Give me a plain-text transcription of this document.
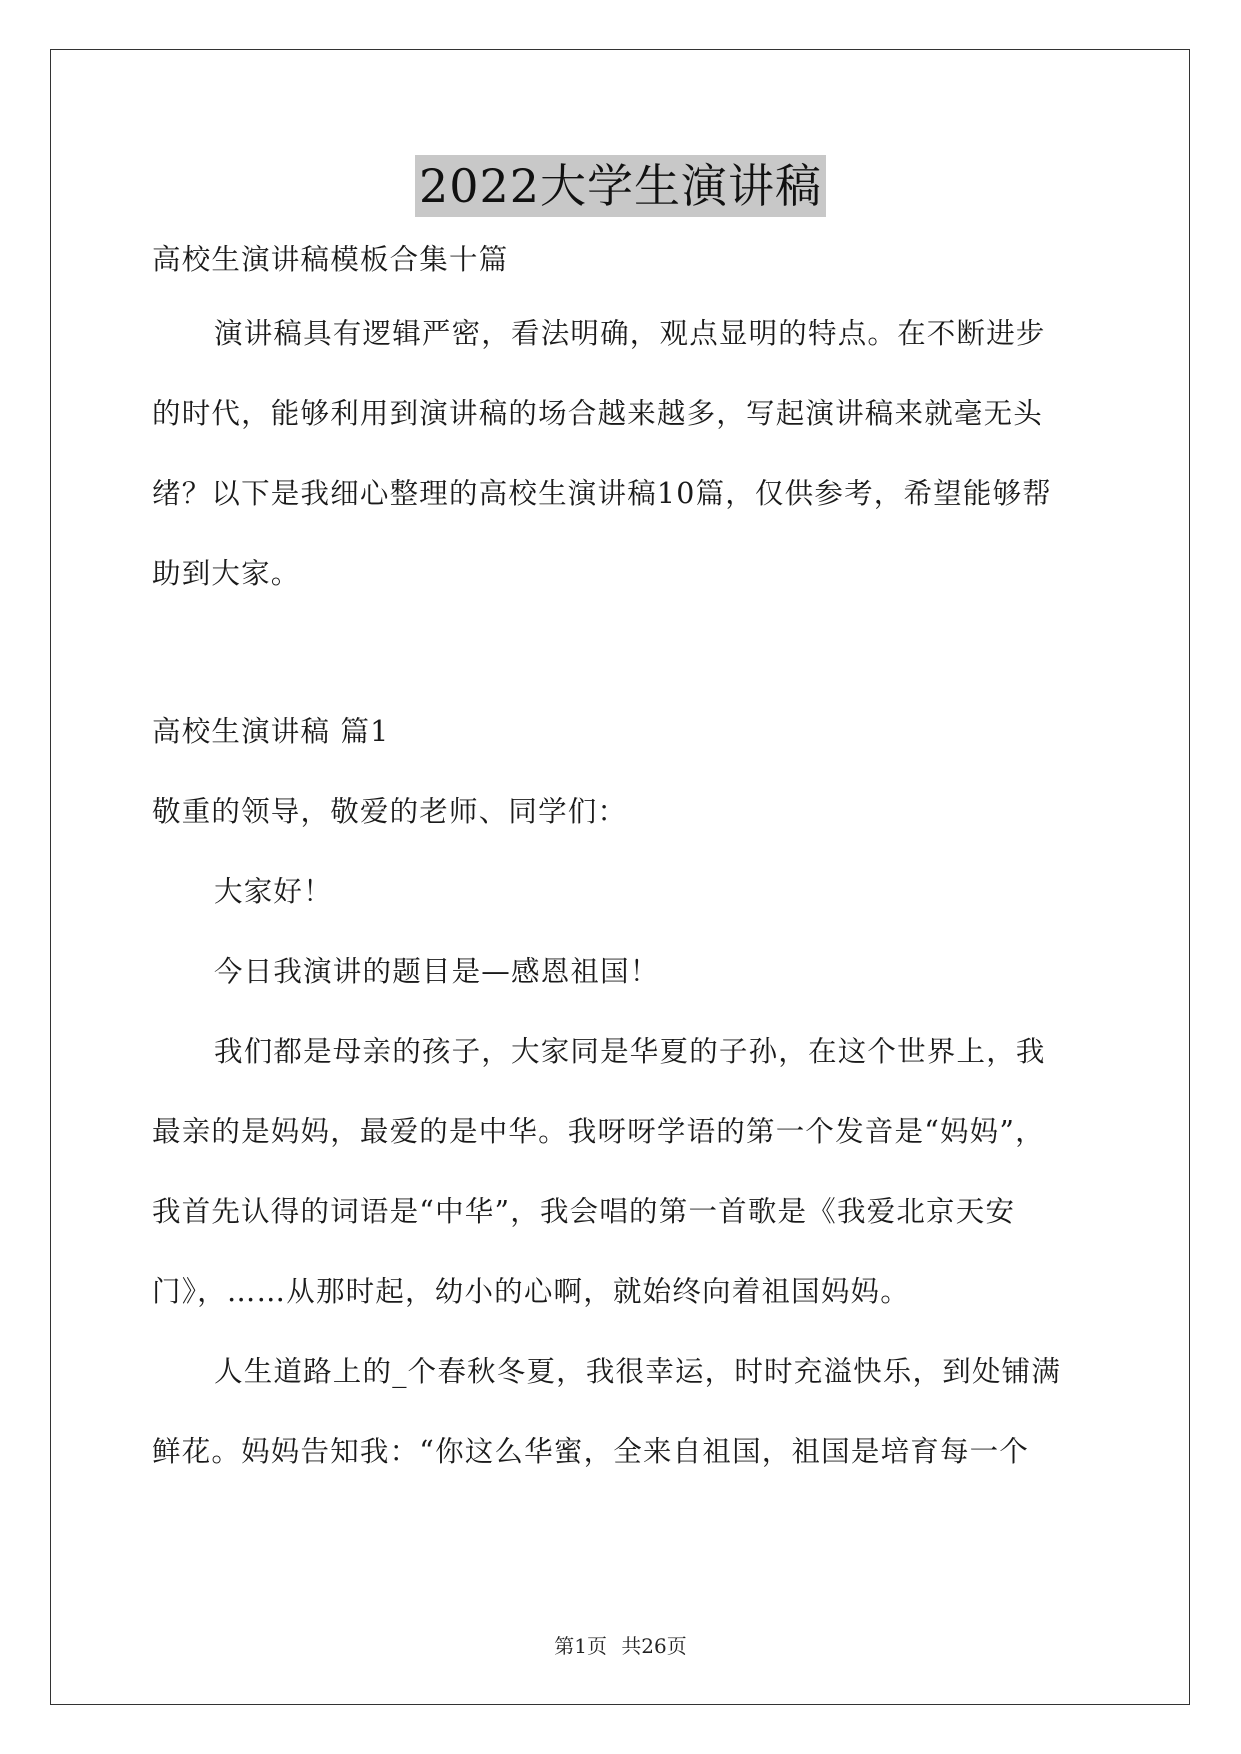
2022大学生演讲稿
高校生演讲稿模板合集十篇
演讲稿具有逻辑严密，看法明确，观点显明的特点。在不断进步
的时代，能够利用到演讲稿的场合越来越多，写起演讲稿来就毫无头
绪？以下是我细心整理的高校生演讲稿10篇，仅供参考，希望能够帮
助到大家。
高校生演讲稿 篇1
敬重的领导，敬爱的老师、同学们：
大家好！
今日我演讲的题目是—感恩祖国！
我们都是母亲的孩子，大家同是华夏的子孙，在这个世界上，我
最亲的是妈妈，最爱的是中华。我呀呀学语的第一个发音是“妈妈”，
我首先认得的词语是“中华”，我会唱的第一首歌是《我爱北京天安
门》，……从那时起，幼小的心啊，就始终向着祖国妈妈。
人生道路上的_个春秋冬夏，我很幸运，时时充溢快乐，到处铺满
鲜花。妈妈告知我：“你这么华蜜，全来自祖国，祖国是培育每一个
第1页 共26页
